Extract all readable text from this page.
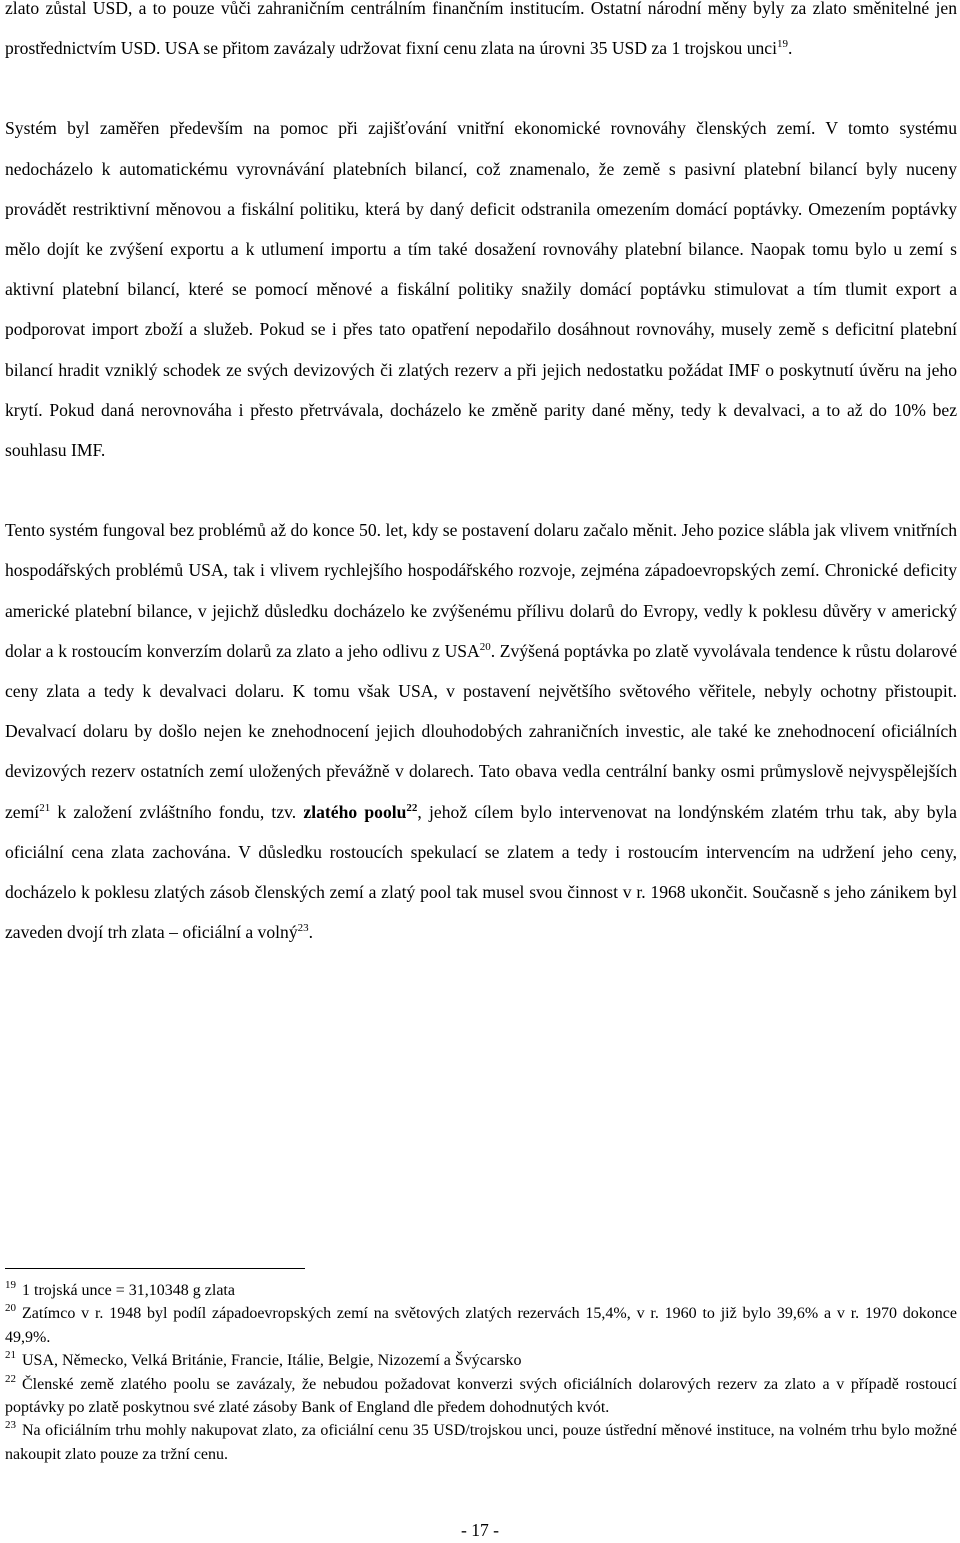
zlato zůstal USD, a to pouze vůči zahraničním centrálním finančním institucím. Ostatní národní měny byly za zlato směnitelné jen prostřednictvím USD. USA se přitom zavázaly udržovat fixní cenu zlata na úrovni 35 USD za 1 trojskou unci$^{19}$.

Systém byl zaměřen především na pomoc při zajišťování vnitřní ekonomické rovnováhy členských zemí. V tomto systému nedocházelo k automatickému vyrovnávání platebních bilancí, což znamenalo, že země s pasivní platební bilancí byly nuceny provádět restriktivní měnovou a fiskální politiku, která by daný deficit odstranila omezením domácí poptávky. Omezením poptávky mělo dojít ke zvýšení exportu a k utlumení importu a tím také dosažení rovnováhy platební bilance. Naopak tomu bylo u zemí s aktivní platební bilancí, které se pomocí měnové a fiskální politiky snažily domácí poptávku stimulovat a tím tlumit export a podporovat import zboží a služeb. Pokud se i přes tato opatření nepodařilo dosáhnout rovnováhy, musely země s deficitní platební bilancí hradit vzniklý schodek ze svých devizových či zlatých rezerv a při jejich nedostatku požádat IMF o poskytnutí úvěru na jeho krytí. Pokud daná nerovnováha i přesto přetrvávala, docházelo ke změně parity dané měny, tedy k devalvaci, a to až do 10% bez souhlasu IMF.

Tento systém fungoval bez problémů až do konce 50. let, kdy se postavení dolaru začalo měnit. Jeho pozice slábla jak vlivem vnitřních hospodářských problémů USA, tak i vlivem rychlejšího hospodářského rozvoje, zejména západoevropských zemí. Chronické deficity americké platební bilance, v jejichž důsledku docházelo ke zvýšenému přílivu dolarů do Evropy, vedly k poklesu důvěry v americký dolar a k rostoucím konverzím dolarů za zlato a jeho odlivu z USA$^{20}$. Zvýšená poptávka po zlatě vyvolávala tendence k růstu dolarové ceny zlata a tedy k devalvaci dolaru. K tomu však USA, v postavení největšího světového věřitele, nebyly ochotny přistoupit. Devalvací dolaru by došlo nejen ke znehodnocení jejich dlouhodobých zahraničních investic, ale také ke znehodnocení oficiálních devizových rezerv ostatních zemí uložených převážně v dolarech. Tato obava vedla centrální banky osmi průmyslově nejvyspělejších zemí$^{21}$ k založení zvláštního fondu, tzv. zlatého poolu$^{22}$, jehož cílem bylo intervenovat na londýnském zlatém trhu tak, aby byla oficiální cena zlata zachována. V důsledku rostoucích spekulací se zlatem a tedy i rostoucím intervencím na udržení jeho ceny, docházelo k poklesu zlatých zásob členských zemí a zlatý pool tak musel svou činnost v r. 1968 ukončit. Současně s jeho zánikem byl zaveden dvojí trh zlata – oficiální a volný$^{23}$.

$^{19}$ 1 trojská unce = 31,10348 g zlata

$^{20}$ Zatímco v r. 1948 byl podíl západoevropských zemí na světových zlatých rezervách 15,4%, v r. 1960 to již bylo 39,6% a v r. 1970 dokonce 49,9%.

$^{21}$ USA, Německo, Velká Británie, Francie, Itálie, Belgie, Nizozemí a Švýcarsko

$^{22}$ Členské země zlatého poolu se zavázaly, že nebudou požadovat konverzi svých oficiálních dolarových rezerv za zlato a v případě rostoucí poptávky po zlatě poskytnou své zlaté zásoby Bank of England dle předem dohodnutých kvót.

$^{23}$ Na oficiálním trhu mohly nakupovat zlato, za oficiální cenu 35 USD/trojskou unci, pouze ústřední měnové instituce, na volném trhu bylo možné nakoupit zlato pouze za tržní cenu.

- 17 -
